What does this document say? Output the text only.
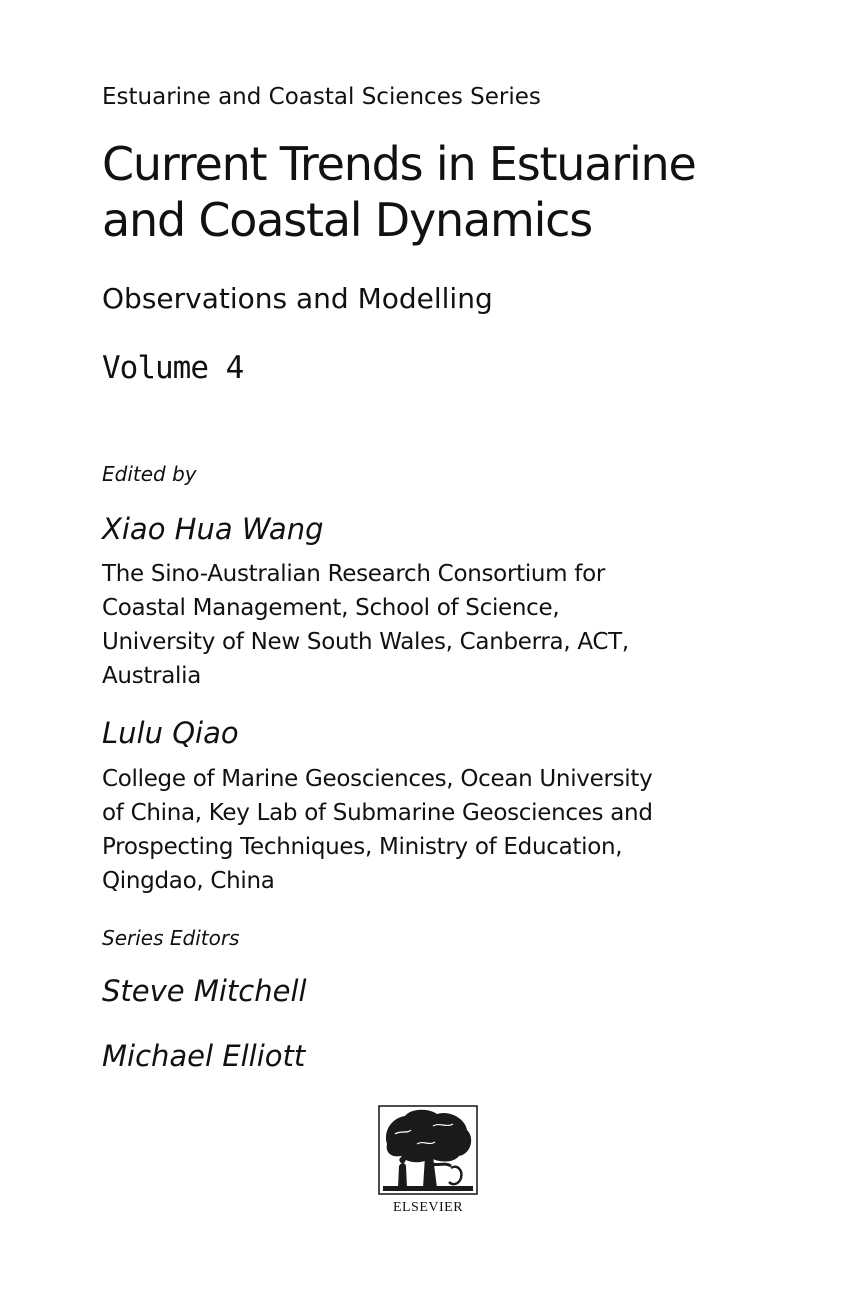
Estuarine and Coastal Sciences Series
Current Trends in Estuarine
and Coastal Dynamics
Observations and Modelling
Volume 4
Edited by
Xiao Hua Wang
The Sino-Australian Research Consortium for
Coastal Management, School of Science,
University of New South Wales, Canberra, ACT,
Australia
Lulu Qiao
College of Marine Geosciences, Ocean University
of China, Key Lab of Submarine Geosciences and
Prospecting Techniques, Ministry of Education,
Qingdao, China
Series Editors
Steve Mitchell
Michael Elliott
ELSEVIER
